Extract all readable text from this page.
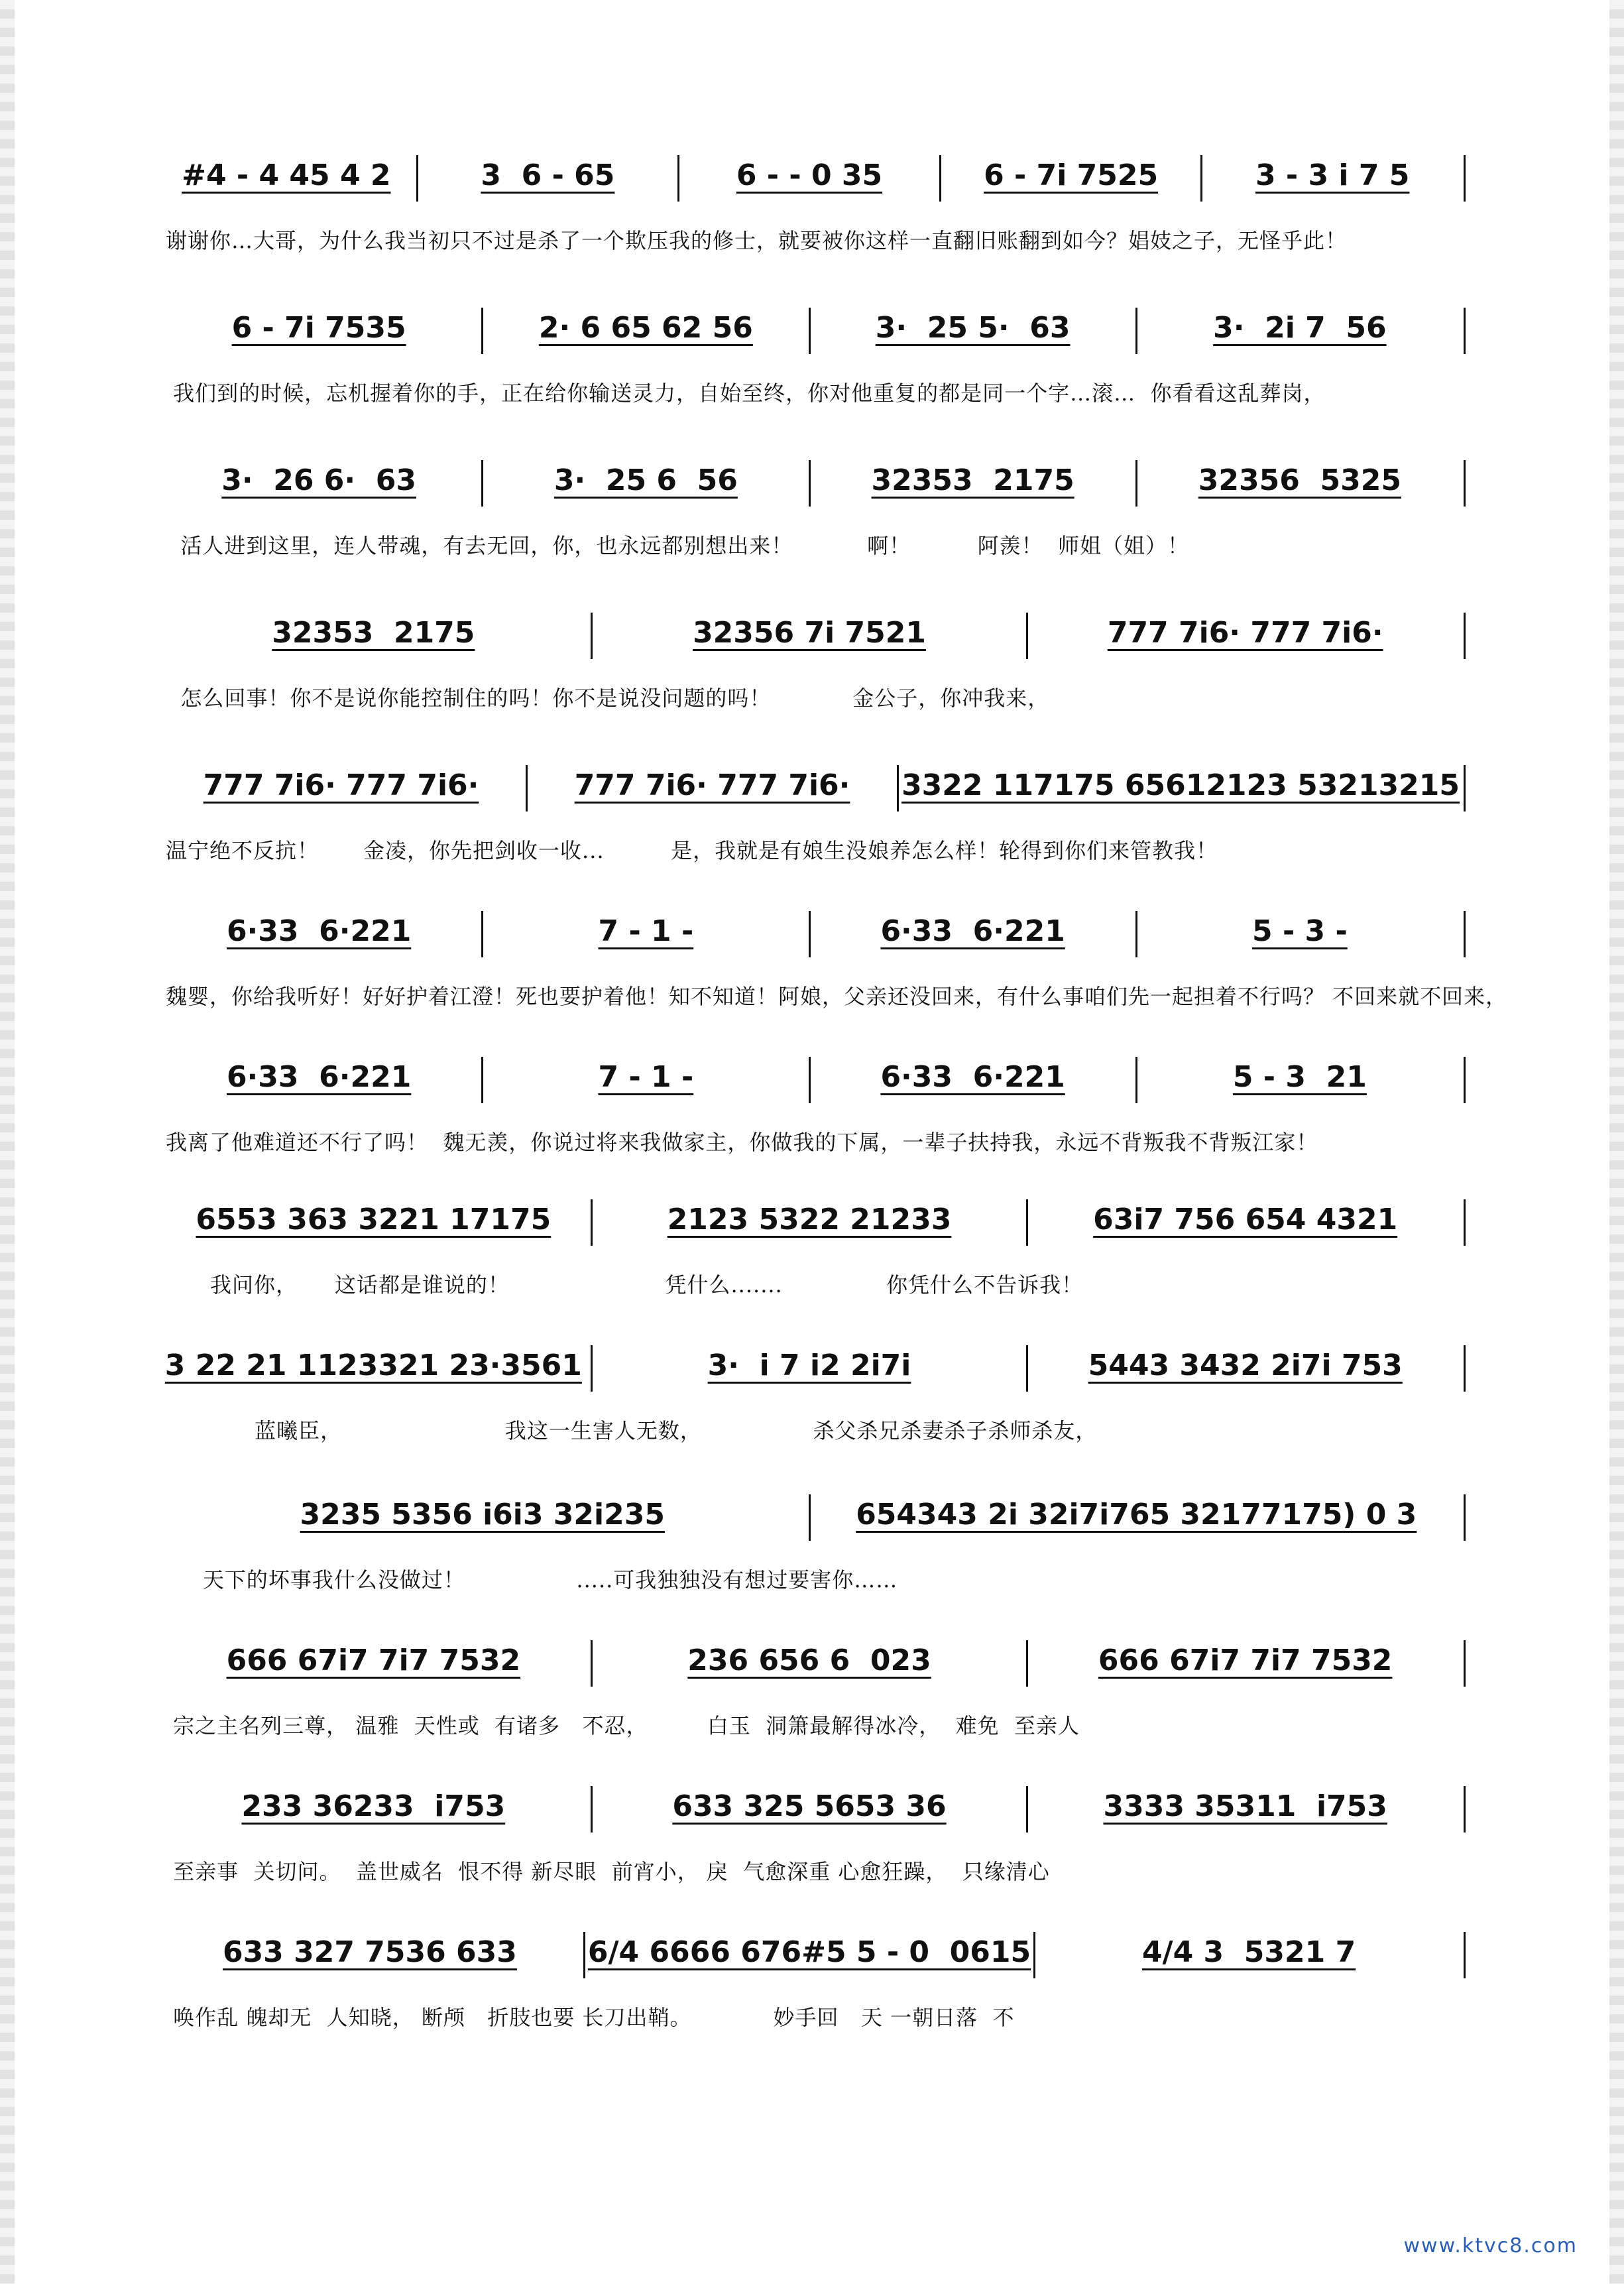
#4 - 4 45 4 2	3  6 - 65	6 - - 0 35	6 - 7i 7525	3 - 3 i 7 5
谢谢你…大哥，为什么我当初只不过是杀了一个欺压我的修士，就要被你这样一直翻旧账翻到如今？娼妓之子，无怪乎此！
6 - 7i 7535	2· 6 65 62 56	3·  25 5·  63	3·  2i 7  56
我们到的时候，忘机握着你的手，正在给你输送灵力，自始至终，你对他重复的都是同一个字…滚…  你看看这乱葬岗，
3·  26 6·  63	3·  25 6  56	32353  2175	32356  5325
活人进到这里，连人带魂，有去无回，你，也永远都别想出来！          啊！         阿羡！  师姐（姐）！
32353  2175	32356 7i 7521	777 7i6· 777 7i6·
怎么回事！你不是说你能控制住的吗！你不是说没问题的吗！           金公子，你冲我来，
777 7i6· 777 7i6·	777 7i6· 777 7i6·	3322 117175 65612123 53213215
温宁绝不反抗！      金凌，你先把剑收一收...         是，我就是有娘生没娘养怎么样！轮得到你们来管教我！
6·33  6·221	7 - 1 -	6·33  6·221	5 - 3 -
魏婴，你给我听好！好好护着江澄！死也要护着他！知不知道！阿娘，父亲还没回来，有什么事咱们先一起担着不行吗？ 不回来就不回来，
6·33  6·221	7 - 1 -	6·33  6·221	5 - 3  21
我离了他难道还不行了吗！  魏无羡，你说过将来我做家主，你做我的下属，一辈子扶持我，永远不背叛我不背叛江家！
6553 363 3221 17175	2123 5322 21233	63i7 756 654 4321
我问你，     这话都是谁说的！                     凭什么.......              你凭什么不告诉我！
3 22 21 1123321 23·3561	3·  i 7 i2 2i7i	5443 3432 2i7i 753
蓝曦臣，                      我这一生害人无数，               杀父杀兄杀妻杀子杀师杀友，
3235 5356 i6i3 32i235	654343 2i 32i7i765 32177175) 0 3
天下的坏事我什么没做过！               .....可我独独没有想过要害你……
666 67i7 7i7 7532	236 656 6  023	666 67i7 7i7 7532
宗之主名列三尊， 温雅  天性或  有诸多   不忍，        白玉  洞箫最解得冰冷，  难免  至亲人
233 36233  i753	633 325 5653 36	3333 35311  i753
至亲事  关切问。  盖世威名  恨不得 新尽眼  前宵小， 戾  气愈深重 心愈狂躁，  只缘清心
633 327 7536 633	6/4 6666 676#5 5 - 0  0615	4/4 3  5321 7
唤作乱 魄却无  人知晓， 断颅   折肢也要 长刀出鞘。           妙手回   天 一朝日落  不
www.ktvc8.com
